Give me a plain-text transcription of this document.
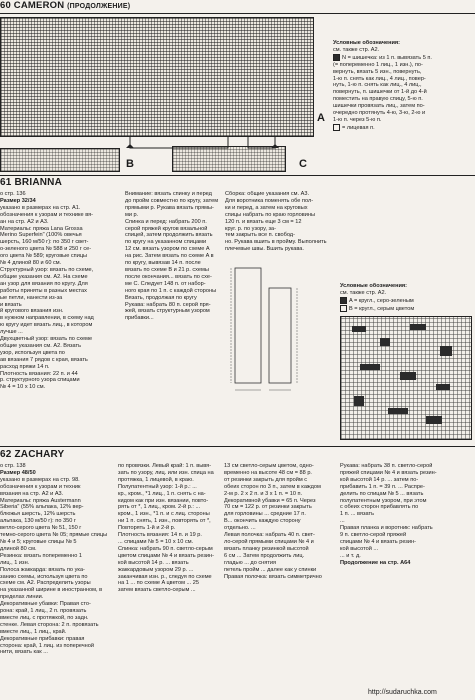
60 CAMERON (ПРОДОЛЖЕНИЕ)
A
B	C

Условные обозначения:

см. также стр. А2.

N = шишечка: из 1 п. вывязать 5 п.

(= попеременно 1 лиц., 1 изн.), по-

вернуть, вязать 5 изн., повернуть,

1-ю п. снять как лиц., 4 лиц., повер-

нуть, 1-ю п. снять как лиц., 4 лиц.,

повернуть, п. шишечки от 1-й до 4-й

поместить на правую спицу, 5-ю п.

шишечки провязать лиц., затем по-

очередно протянуть 4-ю, 3-ю, 2-ю и

1-ю п. через 5-ю п.

= лицевая п.

61 BRIANNA

о стр. 136

Размер 32/34

указано в размерах на стр. А1.

обозначения к узорам и технике вя-

ан на стр. А2 и А3.

Материалы: пряжа Lana Grossa

Merino Superfein" (100% овечья

шерсть, 160 м/50 г): по 350 г свет-

о-зеленого цвета № 588 и 250 г се-

ого цвета № 589; круговые спицы

№ 4 длиной 80 и 60 см.

Структурный узор: вязать по схеме,

общие указания см. А2. На схеме

ан узор для вязания по кругу. Для

работы приняты в разных местах

ые петли, нанести из-за

и вязать

й кругового вязания изн.

в нужном направлении, в схему над

ю кругу идет вязать лиц., в котором

лучше ...

Двухцветный узор: вязать по схеме

общие указания см. А2. Вязать

узор, используя цвета по

ав вязания 7 рядов с края, вязать

расход пряжи 14 п.

Плотность вязания: 22 п. и 44

р. структурного узора спицами

№ 4 = 10 х 10 см.

Внимание: вязать спинку и перед

до пройм совместно по кругу, затем

прямыми р. Рукава вязать прямы-

ми р.

Спинка и перед: набрать 200 п.

серой пряжей кругов вязальной

спицей, затем продолжить вязать

по кругу на указанном спицами

12 см. вязать узором по схеме A

на рис. Затем вязать по схеме A в

по кругу, вывязав 14 п. после

вязать по схеме B и 21 р. схемы

после окончания... вязать по схе-

ме C. Следует 148 п. от набор-

ного края по 1 п. с каждой стороны

Вязать, продолжая по кругу

Рукава: набрать 80 п. серой пря-

жей, вязать структурным узором

прибавки...

Сборка: общие указания см. А3.

Для воротника поменять обе пол-

ки и перед, а затем на круговых

спицы набрать по краю горловины

120 п. и вязать еще 3 см = 12

круг. р. по узору, за-

тем закрыть все п. свобод-

но. Рукава вшить в пройму. Выполнить

плечевые швы. Вшить рукава.

Условные обозначения:

см. также стр. А2.

A = кругл., серо-зеленым

B = кругл., серым цветом

62 ZACHARY

о стр. 138

Размер 48/50

указано в размерах на стр. 98.

обозначения к узорам и техник

вязания на стр. А2 и А3.

Материалы: пряжа Austermann

Siberia" (55% альпака, 12% вер-

блюжья шерсть, 12% шерсть

альпака, 130 м/50 г): по 350 г

ветло-серого цвета № 51, 150 г

темно-серого цвета № 05; прямые спицы

№ 4 и 5; круговые спицы № 5

длиной 80 см.

Резинка: вязать попеременно 1

лиц., 1 изн.

Полоса жаккарда: вязать по ука-

занию схемы, используя цвета по

схеме см. А2. Распределить узоры

на указанной ширине в иностранном, в

пределах линии.

Декоративные убавки: Правая сто-

рона: край, 1 лиц., 2 п. провязать

вместе лиц. с протяжкой, по задн.

стенке. Левая сторона: 2 п. провязать

вместе лиц., 1 лиц., край.

Декоративные прибавки: правая

сторона: край, 1 лиц. из поперечной

нити, вязать как ...

по провязки. Левый край: 1 п. вывя-

зать по узору, лиц. или изн. спица на

протяжка, 1 лицевой, в краю.

Полупатентный узор: 1-й р.: ...

кр., кром., *1 лиц., 1 п. снять с на-

кидом как при изн. вязании, повто-

рять от *, 1 лиц., кром. 2-й р.: ...

кром., 1 изн., *1 п. и с лиц. стороны

ни 1 п. снять, 1 изн., повторять от *,

Повторять 1-й и 2-й р.

Плотность вязания: 14 п. и 19 р.

... спицами № 5 = 10 х 10 см.

Спинка: набрать 90 п. светло-серым

цветом спицами № 4 и вязать резин-

кой высотой 14 р. ... вязать

жаккардовым узором 29 р. ...

заканчивая изн. р., следуя по схеме

на 1 ... по схеме A цветом ... 25

затем вязать светло-серым ...

13 см светло-серым цветом, одно-

временно на высоте 48 см = 88 р.

от резинки закрыть для пройм с

обеих сторон по 3 п., затем в каждом

2-м р. 2 х 2 п. и 3 х 1 п. = 10 п.

Декоративной убавки = 65 п. Через

70 см = 122 р. от резинки закрыть

для горловины ... средние 17 п.

В... окончить каждую сторону

отдельно. ...

Левая полочка: набрать 40 п. свет-

ло-серой прямыми спицами № 4 и

вязать планку резинкой высотой

6 см ... Затем продолжить лиц.

гладью ... до снятия

петель пройм ... далее как у спинки

Правая полочка: вязать симметрично

Рукава: набрать 38 п. светло-серой

пряжей спицами № 4 и вязать резин-

кой высотой 14 р. ... затем по-

прибавить 1 п. = 39 п. ... Распре-

делить по спицам № 5 ... вязать

полупатентным узором, при этом

с обеих сторон прибавлять по

1 п. ... вязать

...

Правая планка и воротник: набрать

9 п. светло-серой пряжей

спицами № 4 и вязать резин-

кой высотой ...

... и т. д.

Продолжение на стр. А64

http://sudaruchka.com
